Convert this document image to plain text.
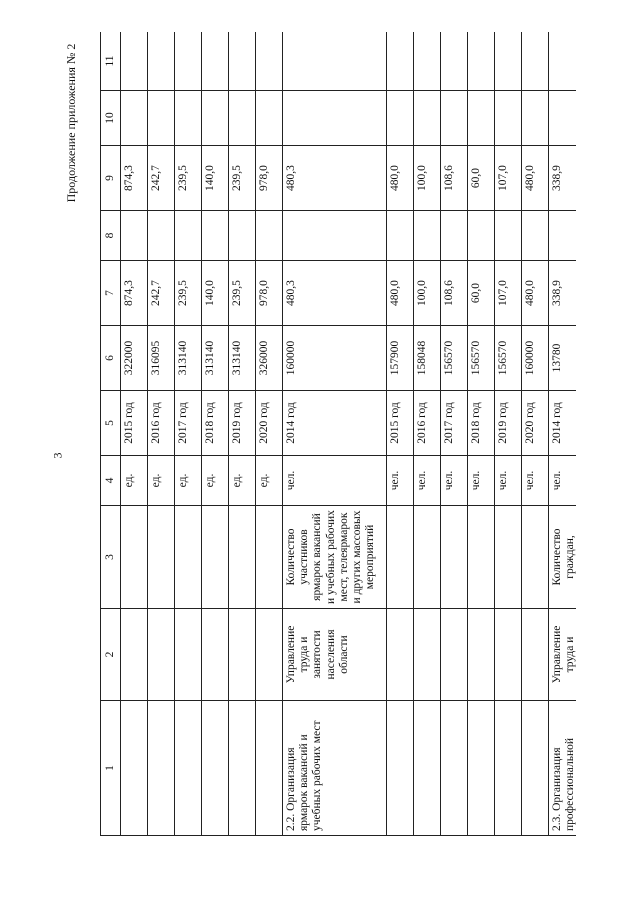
3
Продолжение приложения № 2
1	2	3	4	5	6	7	8	9	10	11
			ед.	2015 год	322000	874,3		874,3		
			ед.	2016 год	316095	242,7		242,7		
			ед.	2017 год	313140	239,5		239,5		
			ед.	2018 год	313140	140,0		140,0		
			ед.	2019 год	313140	239,5		239,5		
			ед.	2020 год	326000	978,0		978,0		
2.2. Организация ярмарок вакансий и учебных рабочих мест	Управление труда и занятости населения области	Количество участников ярмарок вакансий и учебных рабочих мест, телеярмарок и других массовых мероприятий	чел.	2014 год	160000	480,3		480,3		
			чел.	2015 год	157900	480,0		480,0		
			чел.	2016 год	158048	100,0		100,0		
			чел.	2017 год	156570	108,6		108,6		
			чел.	2018 год	156570	60,0		60,0		
			чел.	2019 год	156570	107,0		107,0		
			чел.	2020 год	160000	480,0		480,0		
2.3. Организация профессиональной	Управление труда и	Количество граждан,	чел.	2014 год	13780	338,9		338,9		
